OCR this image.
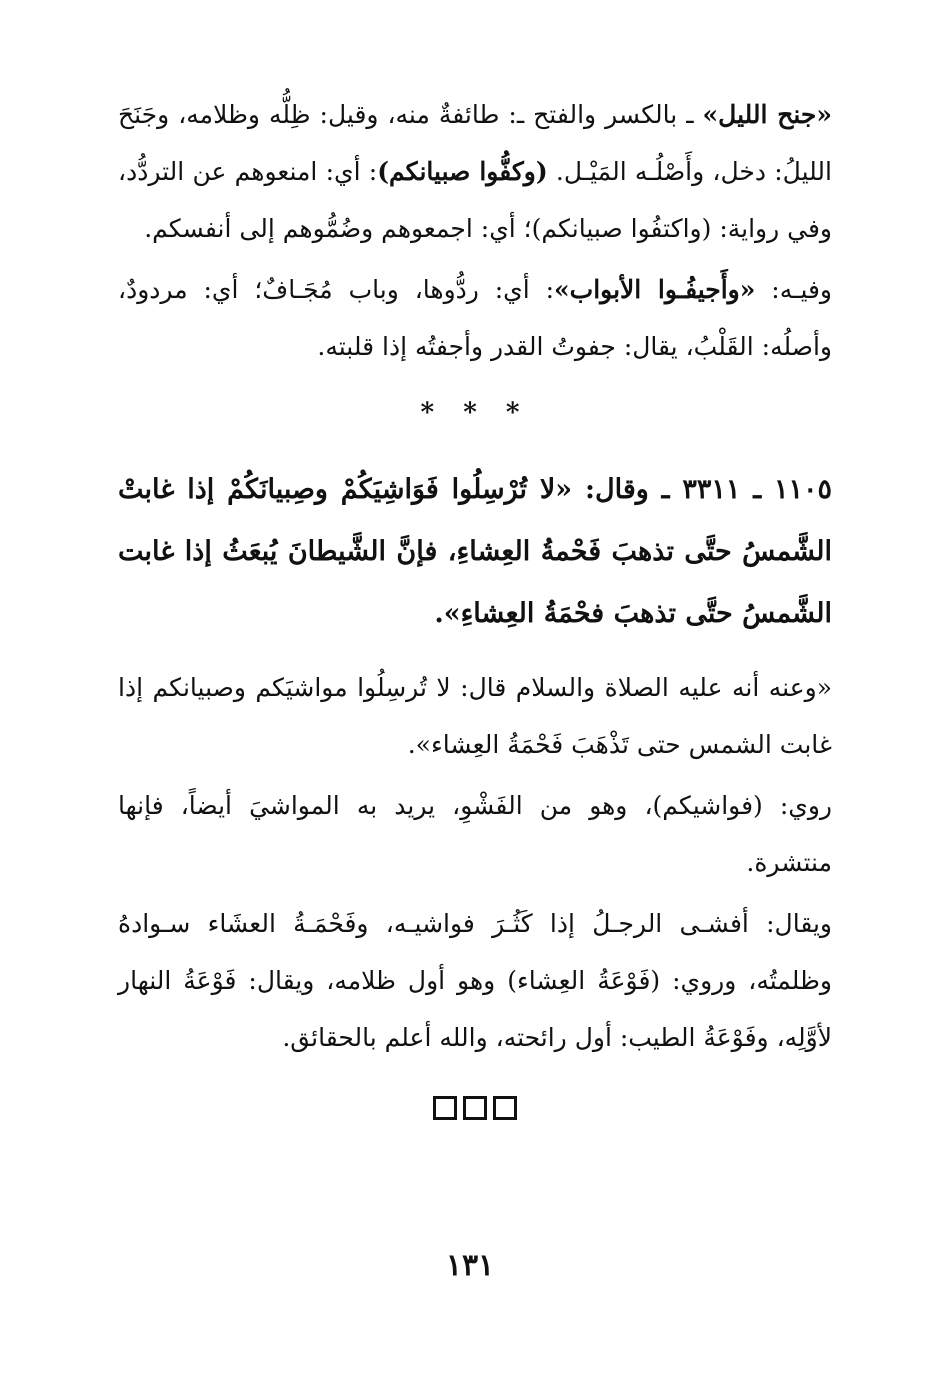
«جنح الليل» ـ بالكسر والفتح ـ: طائفةٌ منه، وقيل: ظِلُّه وظلامه، وجَنَحَ الليلُ: دخل، وأَصْلُـه المَيْـل. (وكفُّوا صبيانكم): أي: امنعوهم عن التردُّد، وفي رواية: (واكتفُوا صبيانكم)؛ أي: اجمعوهم وضُمُّوهم إلى أنفسكم.

وفيـه: «وأَجيفُـوا الأبواب»: أي: ردُّوها، وباب مُجَـافٌ؛ أي: مردودٌ، وأصلُه: القَلْبُ، يقال: جفوتُ القدر وأجفتُه إذا قلبته.

* * *

١١٠٥ ـ ٣٣١١ ـ وقال: «لا تُرْسِلُوا فَوَاشِيَكُمْ وصِبيانَكُمْ إذا غابتْ الشَّمسُ حتَّى تذهبَ فَحْمةُ العِشاءِ، فإنَّ الشَّيطانَ يُبعَثُ إذا غابت الشَّمسُ حتَّى تذهبَ فحْمَةُ العِشاءِ».

«وعنه أنه عليه الصلاة والسلام قال: لا تُرسِلُوا مواشيَكم وصبيانكم إذا غابت الشمس حتى تَذْهَبَ فَحْمَةُ العِشاء».

روي: (فواشيكم)، وهو من الفَشْوِ، يريد به المواشيَ أيضاً، فإنها منتشرة.

ويقال: أفشـى الرجـلُ إذا كَثُـرَ فواشيـه، وفَحْمَـةُ العشَاء سـوادهُ وظلمتُه، وروي: (فَوْعَةُ العِشاء) وهو أول ظلامه، ويقال: فَوْعَةُ النهار لأوَّلِه، وفَوْعَةُ الطيب: أول رائحته، والله أعلم بالحقائق.

١٣١
